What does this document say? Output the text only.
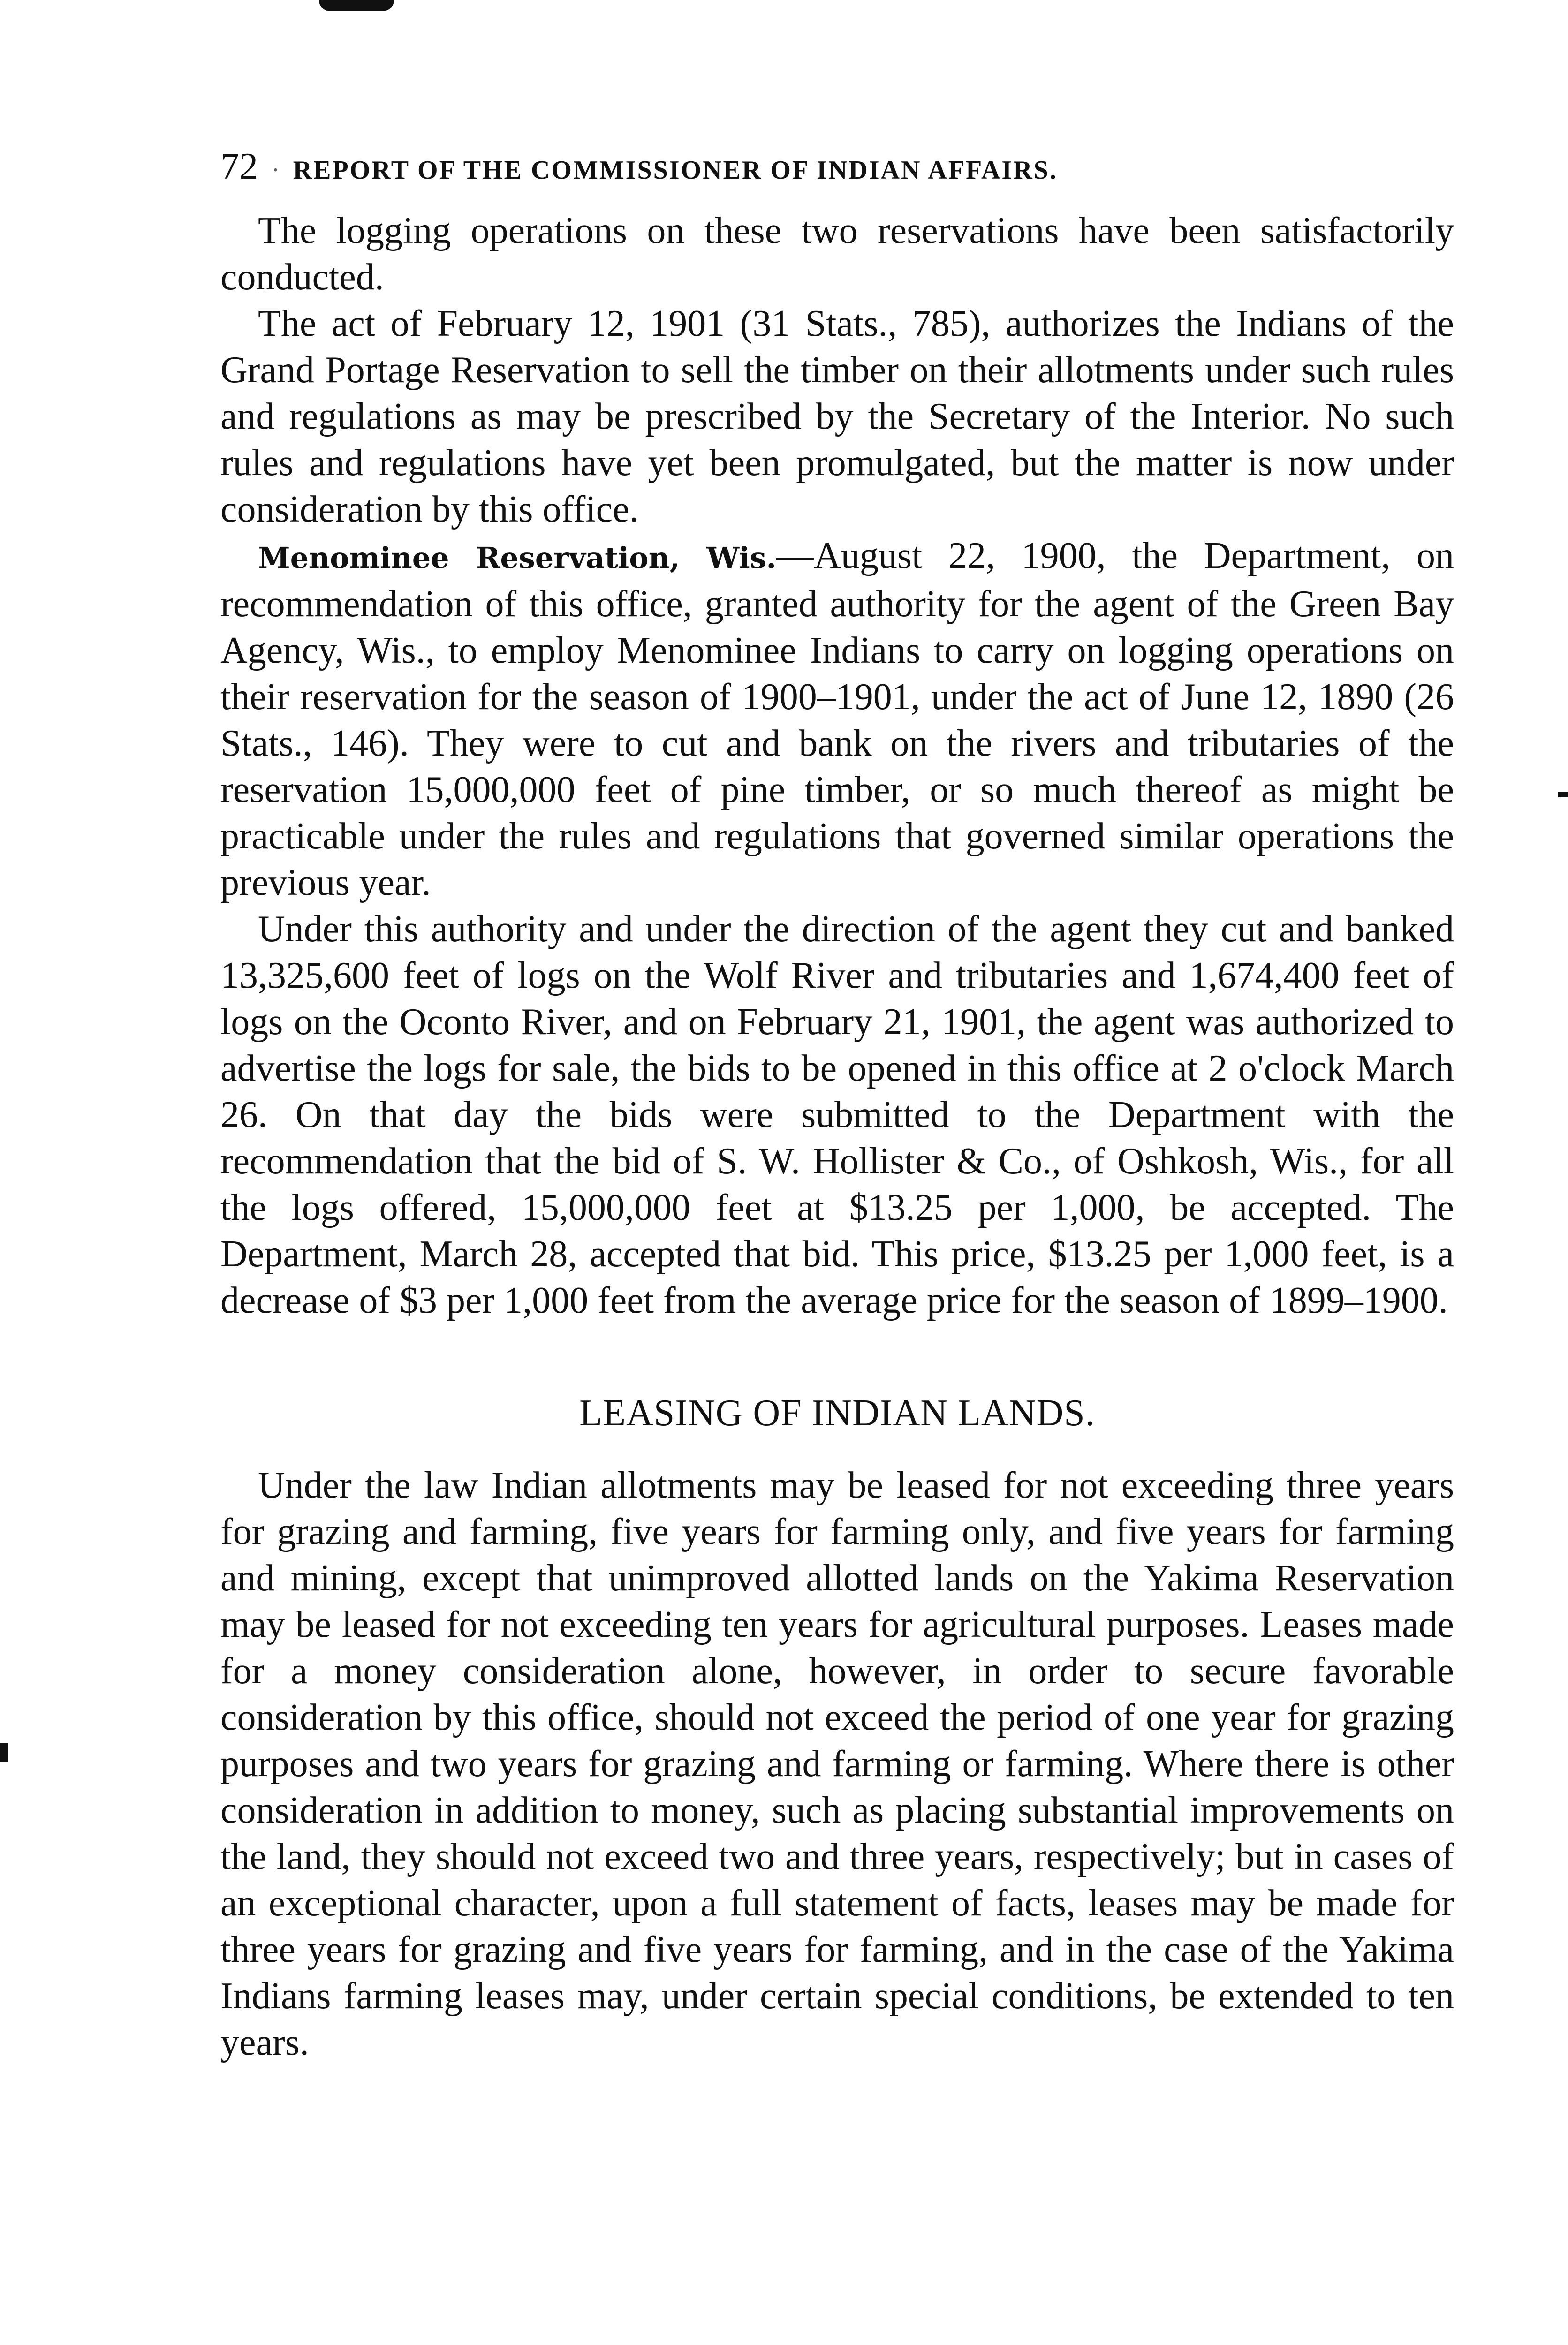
72 · REPORT OF THE COMMISSIONER OF INDIAN AFFAIRS.

The logging operations on these two reservations have been satisfactorily conducted.

The act of February 12, 1901 (31 Stats., 785), authorizes the Indians of the Grand Portage Reservation to sell the timber on their allotments under such rules and regulations as may be prescribed by the Secretary of the Interior. No such rules and regulations have yet been promulgated, but the matter is now under consideration by this office.

Menominee Reservation, Wis.—August 22, 1900, the Department, on recommendation of this office, granted authority for the agent of the Green Bay Agency, Wis., to employ Menominee Indians to carry on logging operations on their reservation for the season of 1900–1901, under the act of June 12, 1890 (26 Stats., 146). They were to cut and bank on the rivers and tributaries of the reservation 15,000,000 feet of pine timber, or so much thereof as might be practicable under the rules and regulations that governed similar operations the previous year.

Under this authority and under the direction of the agent they cut and banked 13,325,600 feet of logs on the Wolf River and tributaries and 1,674,400 feet of logs on the Oconto River, and on February 21, 1901, the agent was authorized to advertise the logs for sale, the bids to be opened in this office at 2 o'clock March 26. On that day the bids were submitted to the Department with the recommendation that the bid of S. W. Hollister & Co., of Oshkosh, Wis., for all the logs offered, 15,000,000 feet at $13.25 per 1,000, be accepted. The Department, March 28, accepted that bid. This price, $13.25 per 1,000 feet, is a decrease of $3 per 1,000 feet from the average price for the season of 1899–1900.

LEASING OF INDIAN LANDS.

Under the law Indian allotments may be leased for not exceeding three years for grazing and farming, five years for farming only, and five years for farming and mining, except that unimproved allotted lands on the Yakima Reservation may be leased for not exceeding ten years for agricultural purposes. Leases made for a money consideration alone, however, in order to secure favorable consideration by this office, should not exceed the period of one year for grazing purposes and two years for grazing and farming or farming. Where there is other consideration in addition to money, such as placing substantial improvements on the land, they should not exceed two and three years, respectively; but in cases of an exceptional character, upon a full statement of facts, leases may be made for three years for grazing and five years for farming, and in the case of the Yakima Indians farming leases may, under certain special conditions, be extended to ten years.
